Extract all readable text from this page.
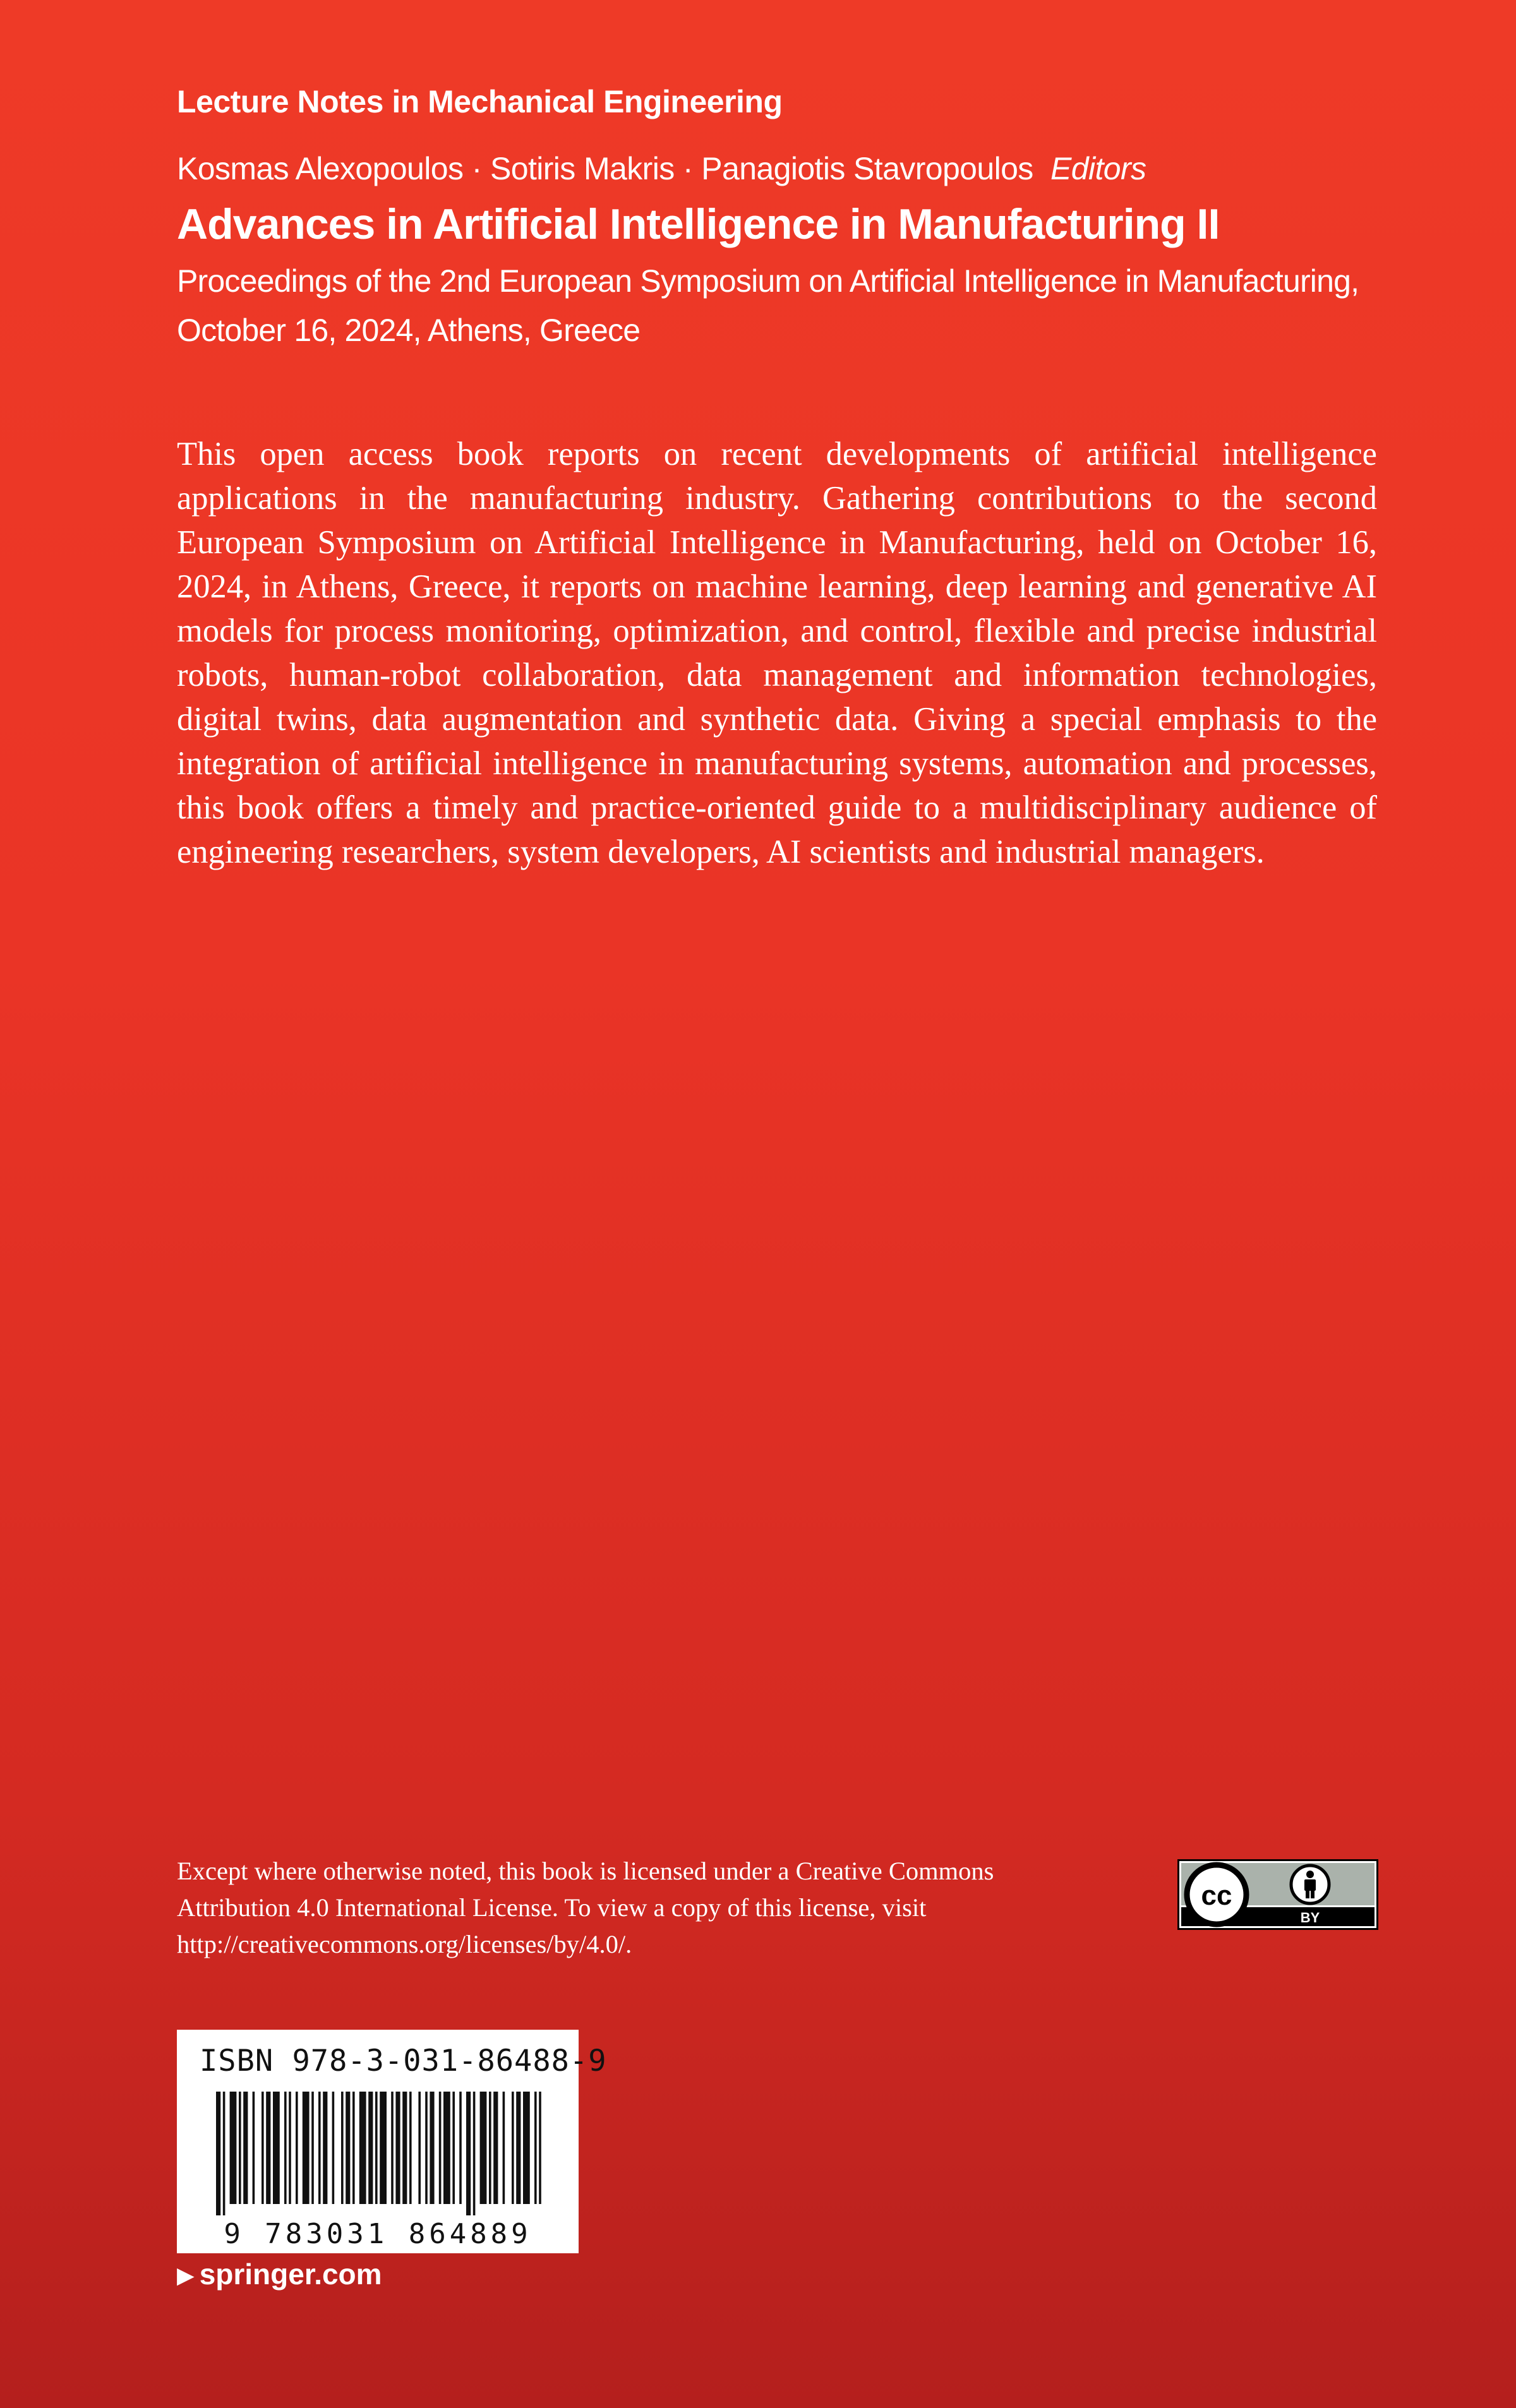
Lecture Notes in Mechanical Engineering
Kosmas Alexopoulos · Sotiris Makris · Panagiotis Stavropoulos Editors
Advances in Artificial Intelligence in Manufacturing II
Proceedings of the 2nd European Symposium on Artificial Intelligence in Manufacturing, October 16, 2024, Athens, Greece
This open access book reports on recent developments of artificial intelligence applications in the manufacturing industry. Gathering contributions to the second European Symposium on Artificial Intelligence in Manufacturing, held on October 16, 2024, in Athens, Greece, it reports on machine learning, deep learning and generative AI models for process monitoring, optimization, and control, flexible and precise industrial robots, human-robot collaboration, data management and information technologies, digital twins, data augmentation and synthetic data. Giving a special emphasis to the integration of artificial intelligence in manufacturing systems, automation and processes, this book offers a timely and practice-oriented guide to a multidisciplinary audience of engineering researchers, system developers, AI scientists and industrial managers.
Except where otherwise noted, this book is licensed under a Creative Commons Attribution 4.0 International License. To view a copy of this license, visit http://creativecommons.org/licenses/by/4.0/.
cc
BY
ISBN 978-3-031-86488-9
9 783031 864889
▶ springer.com
